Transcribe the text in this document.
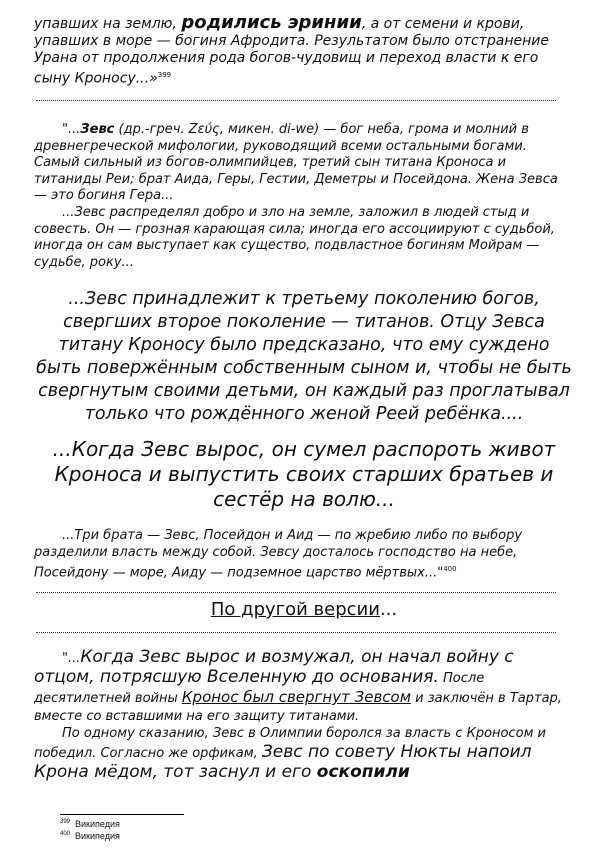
упавших на землю, родились эринии, а от семени и крови, упавших в море — богиня Афродита. Результатом было отстранение Урана от продолжения рода богов-чудовищ и переход власти к его сыну Кроносу...»$^{399}$

"...Зевс (др.-греч. Ζεύς, микен. di-we) — бог неба, грома и молний в древнегреческой мифологии, руководящий всеми остальными богами. Самый сильный из богов-олимпийцев, третий сын титана Кроноса и титаниды Реи; брат Аида, Геры, Гестии, Деметры и Посейдона. Жена Зевса — это богиня Гера...

...Зевс распределял добро и зло на земле, заложил в людей стыд и совесть. Он — грозная карающая сила; иногда его ассоциируют с судьбой, иногда он сам выступает как существо, подвластное богиням Мойрам — судьбе, року...

...Зевс принадлежит к третьему поколению богов, свергших второе поколение — титанов. Отцу Зевса титану Кроносу было предсказано, что ему суждено быть повержённым собственным сыном и, чтобы не быть свергнутым своими детьми, он каждый раз проглатывал только что рождённого женой Реей ребёнка....

...Когда Зевс вырос, он сумел распороть живот Кроноса и выпустить своих старших братьев и сестёр на волю...

...Три брата — Зевс, Посейдон и Аид — по жребию либо по выбору разделили власть между собой. Зевсу досталось господство на небе, Посейдону — море, Аиду — подземное царство мёртвых..."$^{400}$

По другой версии...

"...Когда Зевс вырос и возмужал, он начал войну с отцом, потрясшую Вселенную до основания. После десятилетней войны Кронос был свергнут Зевсом и заключён в Тартар, вместе со вставшими на его защиту титанами.

По одному сказанию, Зевс в Олимпии боролся за власть с Кроносом и победил. Согласно же орфикам, Зевс по совету Нюкты напоил Крона мёдом, тот заснул и его оскопили

$^{399}$ Википедия
$^{400}$ Википедия
